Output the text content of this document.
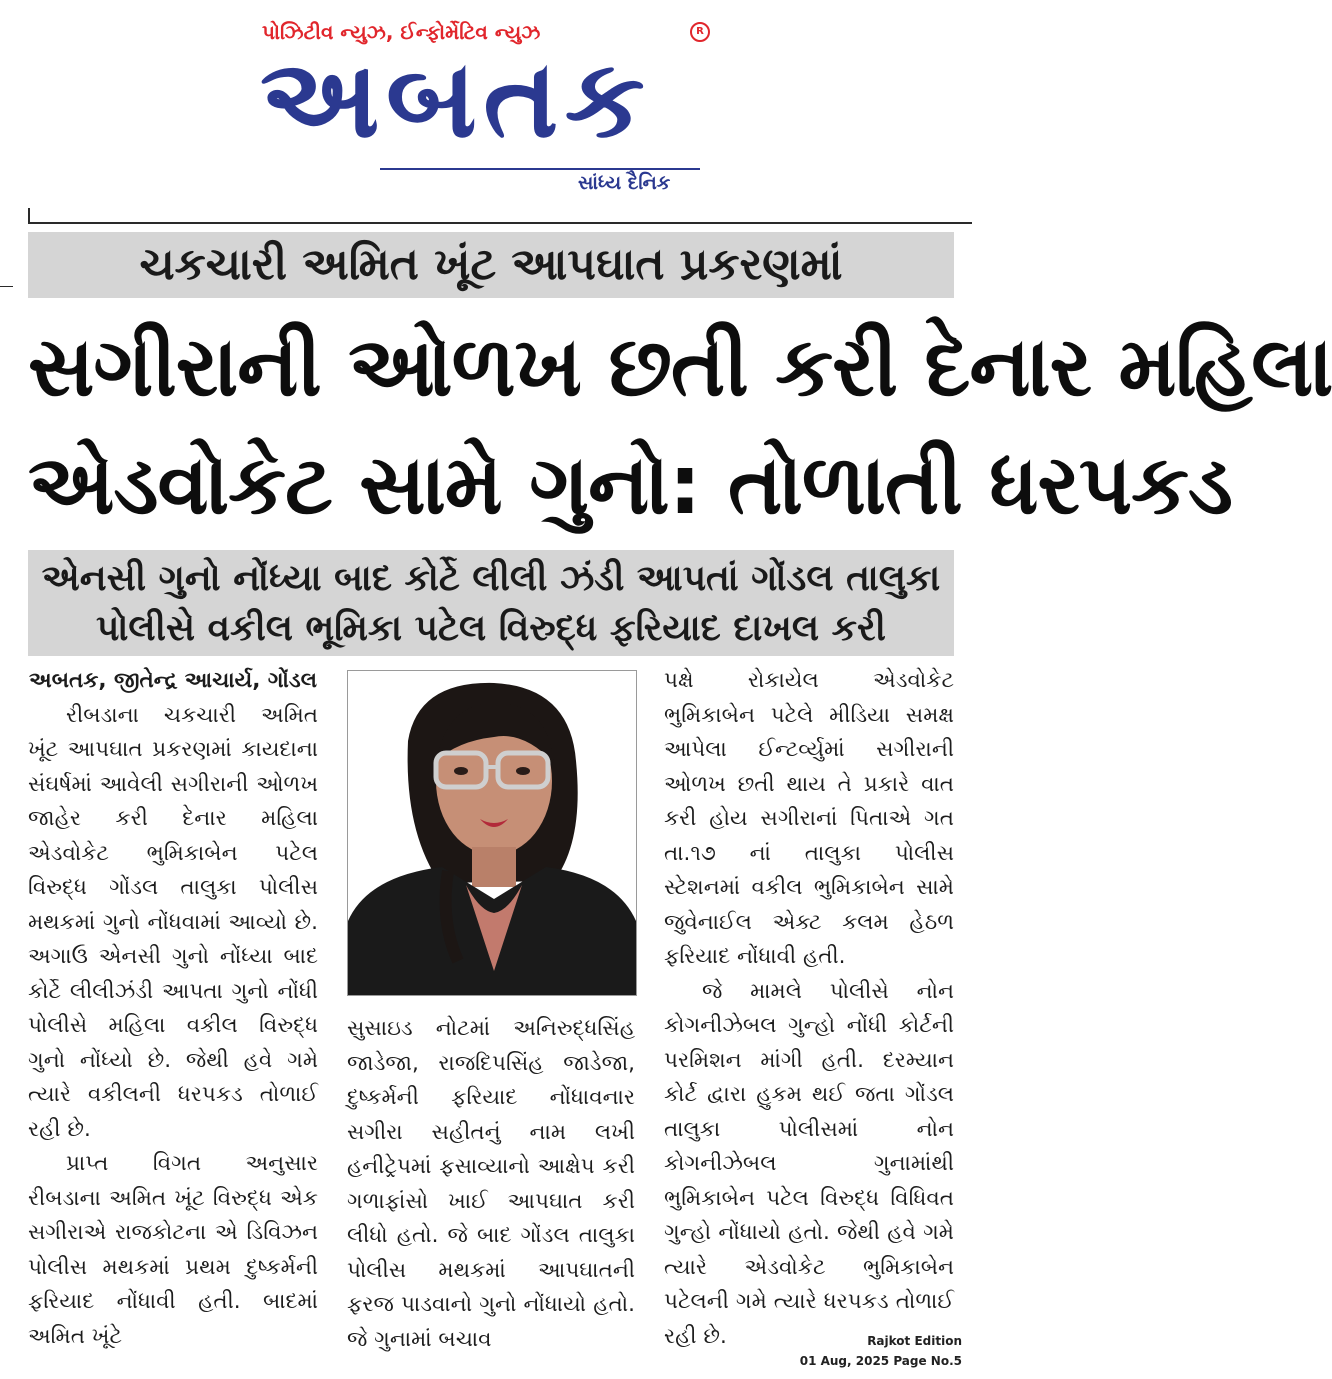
પોઝિટીવ ન્યુઝ, ઈન્ફોર્મેટિવ ન્યુઝ
અબતક
R
સાંધ્ય દૈનિક
ચકચારી અમિત ખૂંટ આપઘાત પ્રકરણમાં
સગીરાની ઓળખ છતી કરી દેનાર મહિલા
એડવોકેટ સામે ગુનો: તોળાતી ધરપકડ
એનસી ગુનો નોંધ્યા બાદ કોર્ટે લીલી ઝંડી આપતાં ગોંડલ તાલુકા
પોલીસે વકીલ ભૂમિકા પટેલ વિરુદ્ધ ફરિયાદ દાખલ કરી

અબતક, જીતેન્દ્ર આચાર્ય, ગોંડલ

રીબડાના ચકચારી અમિત ખૂંટ આપઘાત પ્રકરણમાં કાયદાના સંઘર્ષમાં આવેલી સગીરાની ઓળખ જાહેર કરી દેનાર મહિલા એડવોકેટ ભુમિકાબેન પટેલ વિરુદ્ધ ગોંડલ તાલુકા પોલીસ મથકમાં ગુનો નોંધવામાં આવ્યો છે. અગાઉ એનસી ગુનો નોંધ્યા બાદ કોર્ટે લીલીઝંડી આપતા ગુનો નોંધી પોલીસે મહિલા વકીલ વિરુદ્ધ ગુનો નોંધ્યો છે. જેથી હવે ગમે ત્યારે વકીલની ધરપકડ તોળાઈ રહી છે.

પ્રાપ્ત વિગત અનુસાર રીબડાના અમિત ખૂંટ વિરુદ્ધ એક સગીરાએ રાજકોટના એ ડિવિઝન પોલીસ મથકમાં પ્રથમ દુષ્કર્મની ફરિયાદ નોંધાવી હતી. બાદમાં અમિત ખૂંટે

સુસાઇડ નોટમાં અનિરુદ્ધસિંહ જાડેજા, રાજદિપસિંહ જાડેજા, દુષ્કર્મની ફરિયાદ નોંધાવનાર સગીરા સહીતનું નામ લખી હનીટ્રેપમાં ફસાવ્યાનો આક્ષેપ કરી ગળાફાંસો ખાઈ આપઘાત કરી લીધો હતો. જે બાદ ગોંડલ તાલુકા પોલીસ મથકમાં આપઘાતની ફરજ પાડવાનો ગુનો નોંધાયો હતો. જે ગુનામાં બચાવ

પક્ષે રોકાયેલ એડવોકેટ ભુમિકાબેન પટેલે મીડિયા સમક્ષ આપેલા ઈન્ટર્વ્યુમાં સગીરાની ઓળખ છતી થાય તે પ્રકારે વાત કરી હોય સગીરાનાં પિતાએ ગત તા.૧૭ નાં તાલુકા પોલીસ સ્ટેશનમાં વકીલ ભુમિકાબેન સામે જુવેનાઈલ એક્ટ કલમ હેઠળ ફરિયાદ નોંધાવી હતી.

જે મામલે પોલીસે નોન કોગનીઝેબલ ગુન્હો નોંધી કોર્ટની પરમિશન માંગી હતી. દરમ્યાન કોર્ટ દ્વારા હુકમ થઈ જતા ગોંડલ તાલુકા પોલીસમાં નોન કોગનીઝેબલ ગુનામાંથી ભુમિકાબેન પટેલ વિરુદ્ધ વિધિવત ગુન્હો નોંધાયો હતો. જેથી હવે ગમે ત્યારે એડવોકેટ ભુમિકાબેન પટેલની ગમે ત્યારે ધરપકડ તોળાઈ રહી છે.	Rajkot Edition
01 Aug, 2025 Page No.5
